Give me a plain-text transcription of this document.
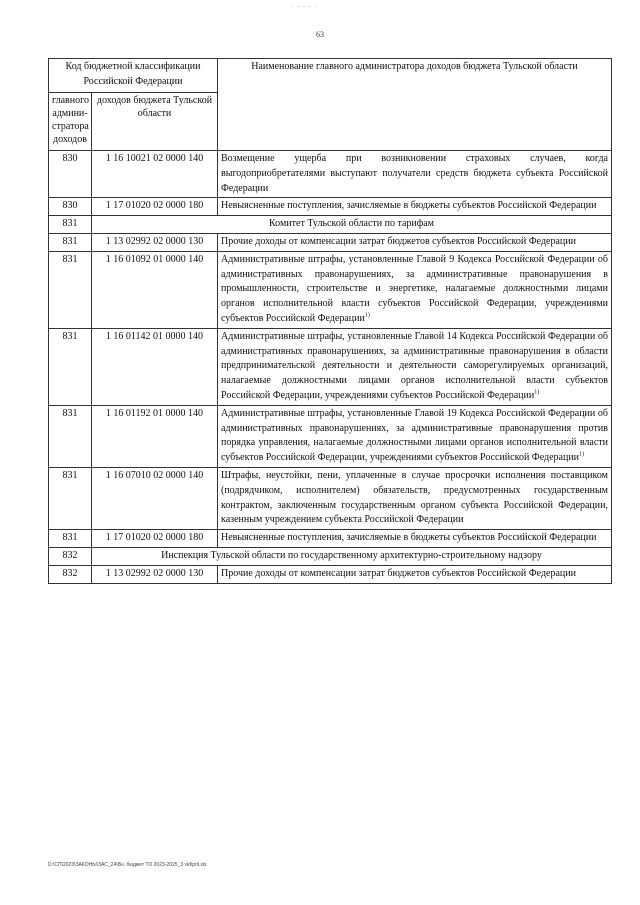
· - - - ·
63
Код бюджетной классификации Российской Федерации		Наименование главного администратора доходов бюджета Тульской области
главного админи- стратора доходов	доходов бюджета Тульской области	
830	1 16 10021 02 0000 140	Возмещение ущерба при возникновении страховых случаев, когда выгодоприобретателями выступают получатели средств бюджета субъекта Российской Федерации
830	1 17 01020 02 0000 180	Невыясненные поступления, зачисляемые в бюджеты субъектов Российской Федерации
831	Комитет Тульской области по тарифам	
831	1 13 02992 02 0000 130	Прочие доходы от компенсации затрат бюджетов субъектов Российской Федерации
831	1 16 01092 01 0000 140	Административные штрафы, установленные Главой 9 Кодекса Российской Федерации об административных правонарушениях, за административные правонарушения в промышленности, строительстве и энергетике, налагаемые должностными лицами органов исполнительной власти субъектов Российской Федерации, учреждениями субъектов Российской Федерации$^{1)}$
831	1 16 01142 01 0000 140	Административные штрафы, установленные Главой 14 Кодекса Российской Федерации об административных правонарушениях, за административные правонарушения в области предпринимательской деятельности и деятельности саморегулируемых организаций, налагаемые должностными лицами органов исполнительной власти субъектов Российской Федерации, учреждениями субъектов Российской Федерации$^{1)}$
831	1 16 01192 01 0000 140	Административные штрафы, установленные Главой 19 Кодекса Российской Федерации об административных правонарушениях, за административные правонарушения против порядка управления, налагаемые должностными лицами органов исполнительной власти субъектов Российской Федерации, учреждениями субъектов Российской Федерации$^{1)}$
831	1 16 07010 02 0000 140	Штрафы, неустойки, пени, уплаченные в случае просрочки исполнения поставщиком (подрядчиком, исполнителем) обязательств, предусмотренных государственным контрактом, заключенным государственным органом субъекта Российской Федерации, казенным учреждением субъекта Российской Федерации
831	1 17 01020 02 0000 180	Невыясненные поступления, зачисляемые в бюджеты субъектов Российской Федерации
832	Инспекция Тульской области по государственному архитектурно-строительному надзору	
832	1 13 02992 02 0000 130	Прочие доходы от компенсации затрат бюджетов субъектов Российской Федерации
D:\СП\2023\ЗАКОНЫ\ЗАС_24\Вн. бюджет ТО 2023-2025_3 vid\pril.xls
